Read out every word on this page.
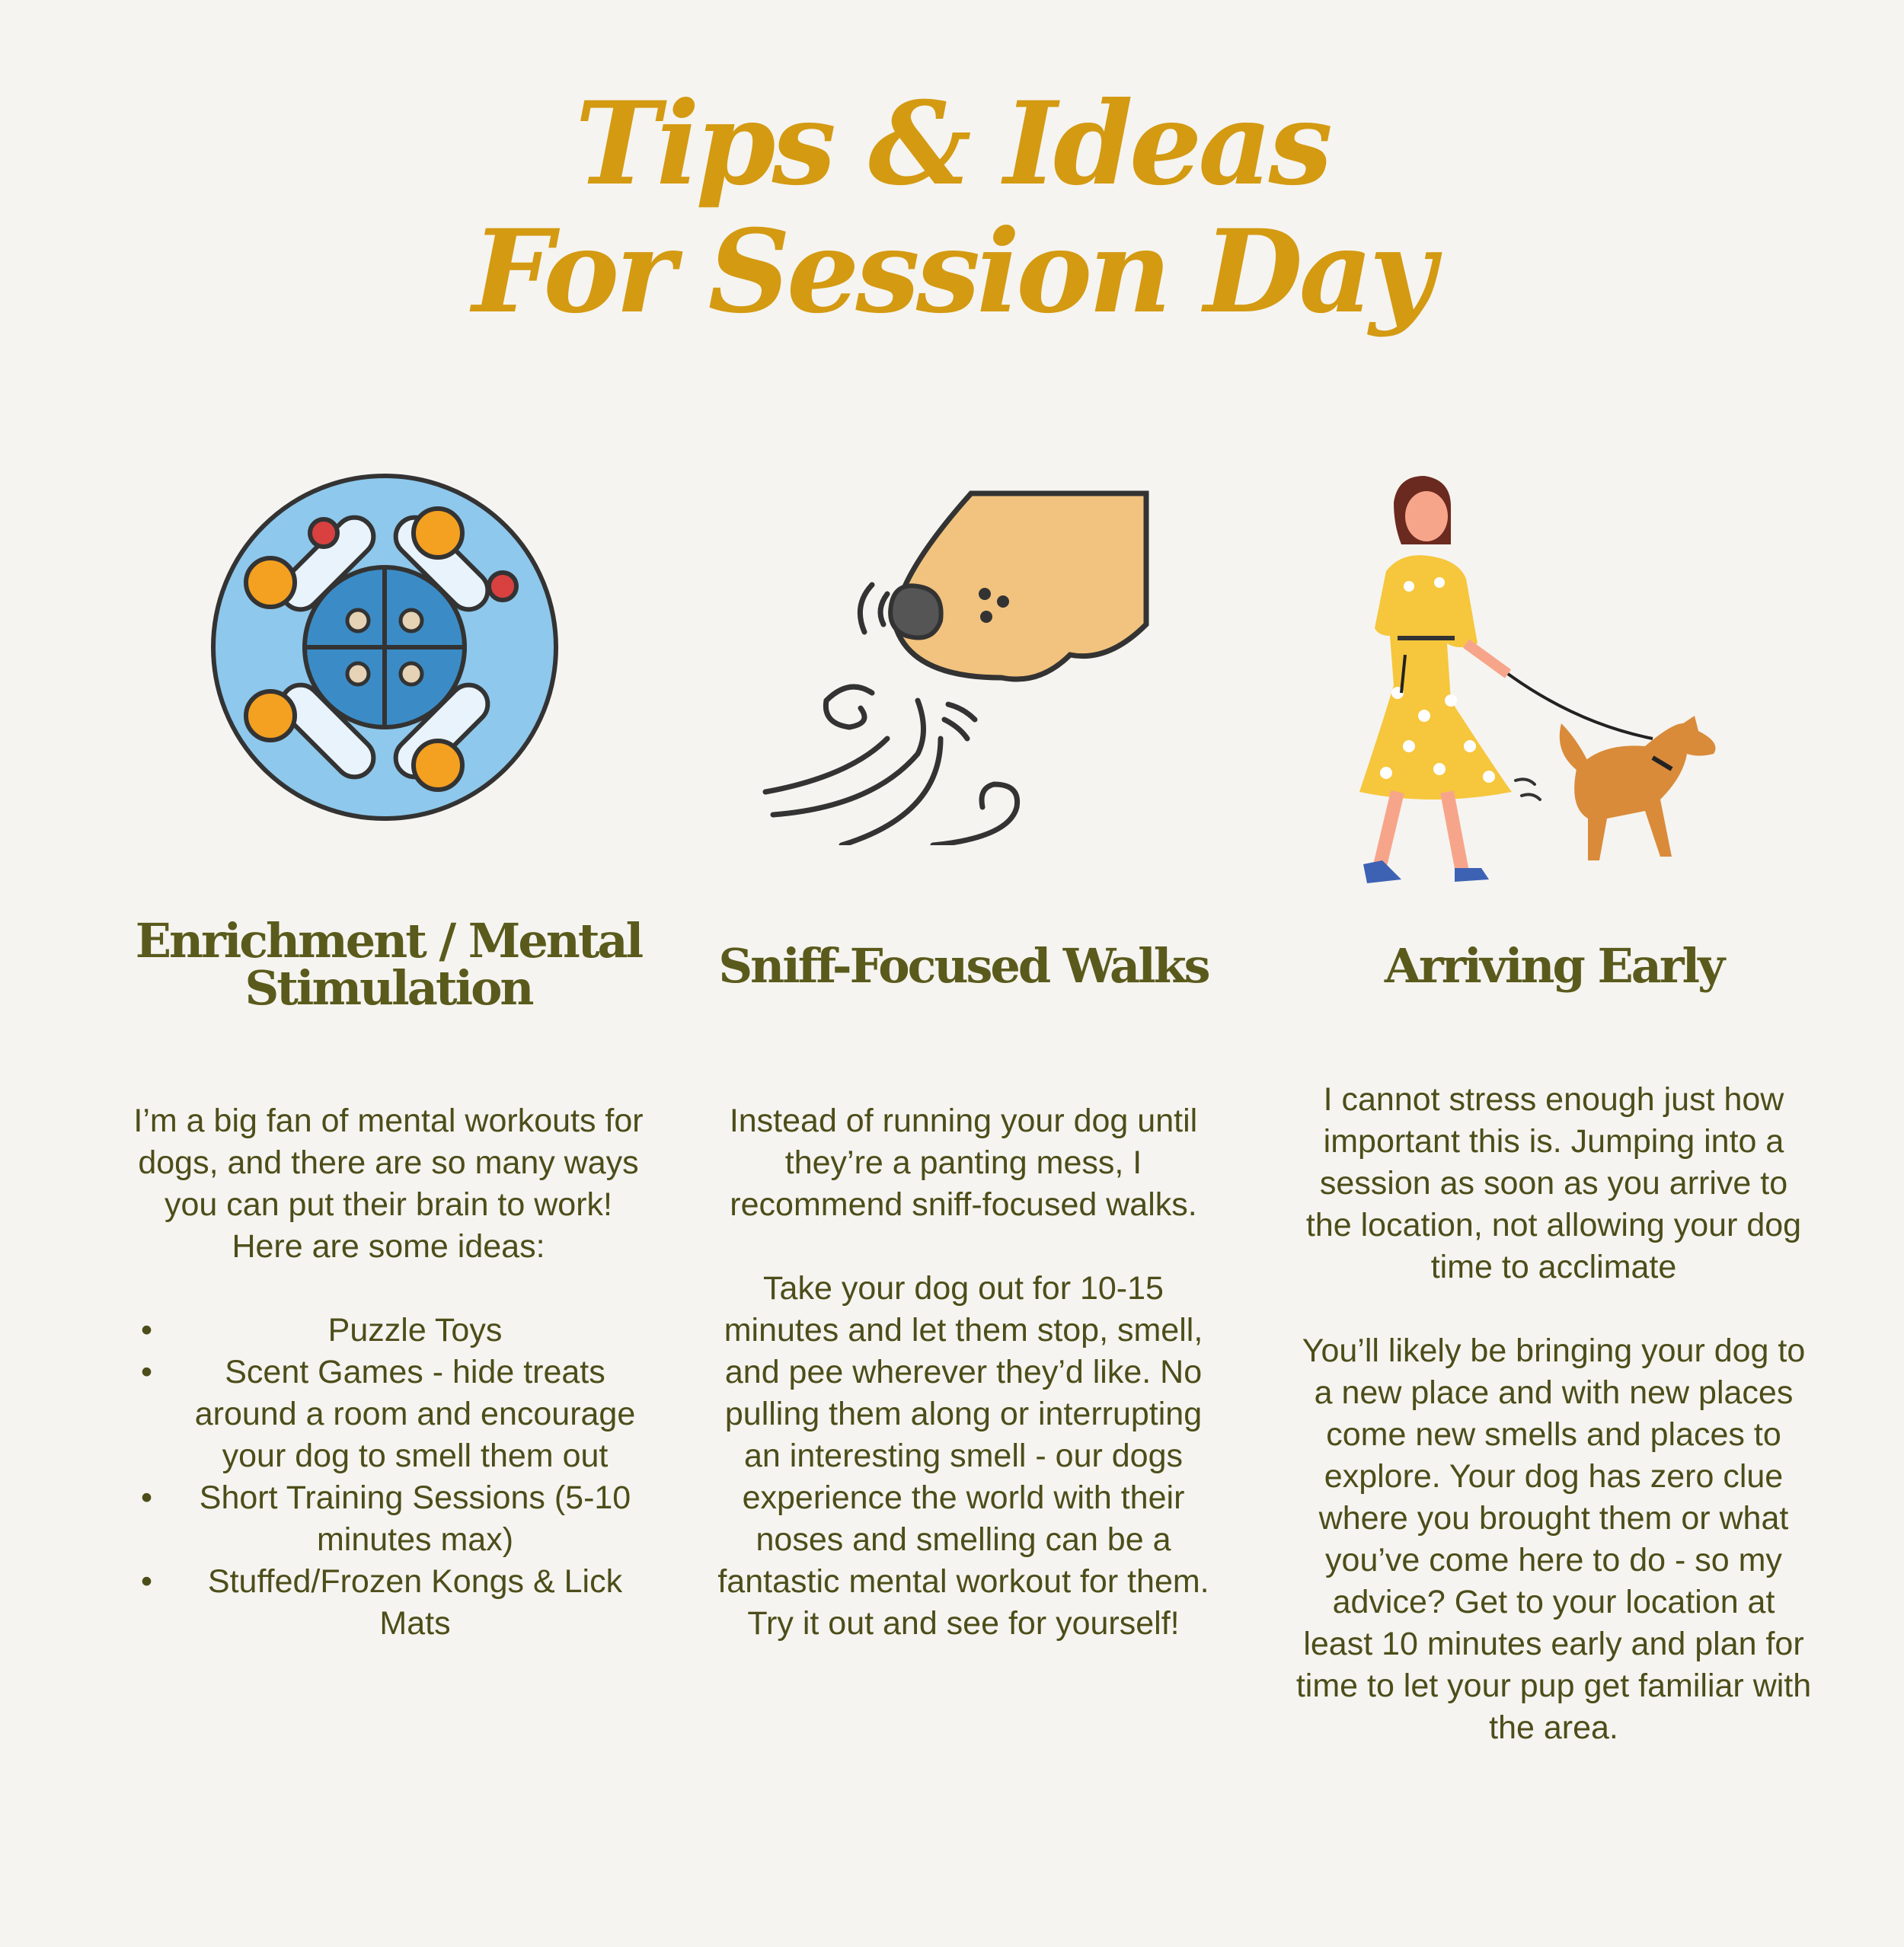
Tips & Ideas
For Session Day
Enrichment / Mental
Stimulation

I’m a big fan of mental workouts for dogs, and there are so many ways you can put their brain to work! Here are some ideas:

•	Puzzle Toys
• Scent Games - hide treats around a room and encourage your dog to smell them out
• Short Training Sessions (5-10 minutes max)
• Stuffed/Frozen Kongs & Lick Mats
Sniff-Focused Walks

Instead of running your dog until they’re a panting mess, I recommend sniff-focused walks.

Take your dog out for 10-15 minutes and let them stop, smell, and pee wherever they’d like. No pulling them along or interrupting an interesting smell - our dogs experience the world with their noses and smelling can be a fantastic mental workout for them. Try it out and see for yourself!

Arriving Early

I cannot stress enough just how important this is. Jumping into a session as soon as you arrive to the location, not allowing your dog time to acclimate

You’ll likely be bringing your dog to a new place and with new places come new smells and places to explore. Your dog has zero clue where you brought them or what you’ve come here to do - so my advice? Get to your location at least 10 minutes early and plan for time to let your pup get familiar with the area.
